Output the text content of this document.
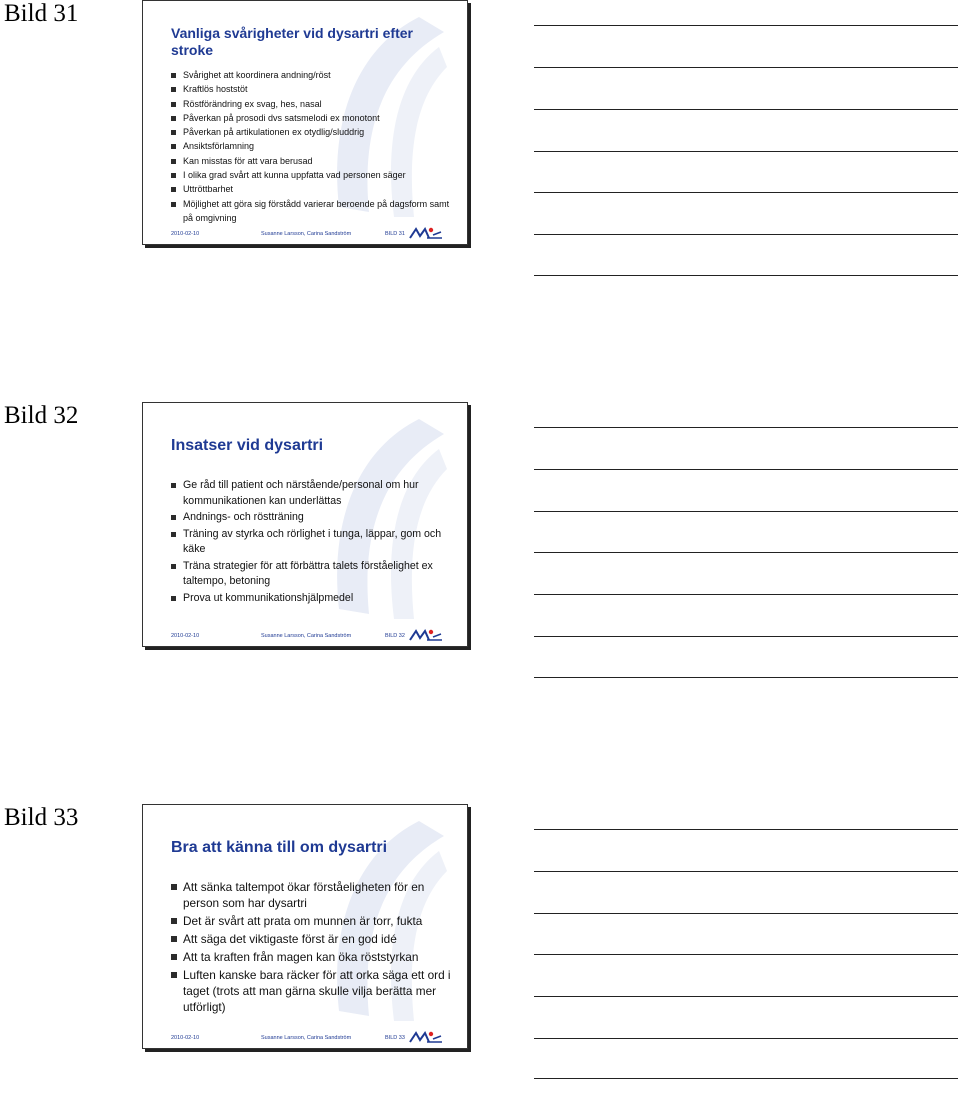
Bild 31
Vanliga svårigheter vid dysartri efter stroke
Svårighet att koordinera andning/röst
Kraftlös hoststöt
Röstförändring ex svag, hes, nasal
Påverkan på prosodi dvs satsmelodi ex monotont
Påverkan på artikulationen ex otydlig/sluddrig
Ansiktsförlamning
Kan misstas för att vara berusad
I olika grad svårt att kunna uppfatta vad personen säger
Uttröttbarhet
Möjlighet att göra sig förstådd varierar beroende på dagsform samt på omgivning
2010-02-10	Susanne Larsson, Carina Sandström	BILD 31
Bild 32
Insatser vid dysartri
Ge råd till patient och närstående/personal om hur kommunikationen kan underlättas
Andnings- och röstträning
Träning av styrka och rörlighet i tunga, läppar, gom och käke
Träna strategier för att förbättra talets förståelighet ex taltempo, betoning
Prova ut kommunikationshjälpmedel
2010-02-10	Susanne Larsson, Carina Sandström	BILD 32
Bild 33
Bra att känna till om dysartri
Att sänka taltempot ökar förståeligheten för en person som har dysartri
Det är svårt att prata om munnen är torr, fukta
Att säga det viktigaste först är en god idé
Att ta kraften från magen kan öka röststyrkan
Luften kanske bara räcker för att orka säga ett ord i taget (trots att man gärna skulle vilja berätta mer utförligt)
2010-02-10	Susanne Larsson, Carina Sandström	BILD 33
